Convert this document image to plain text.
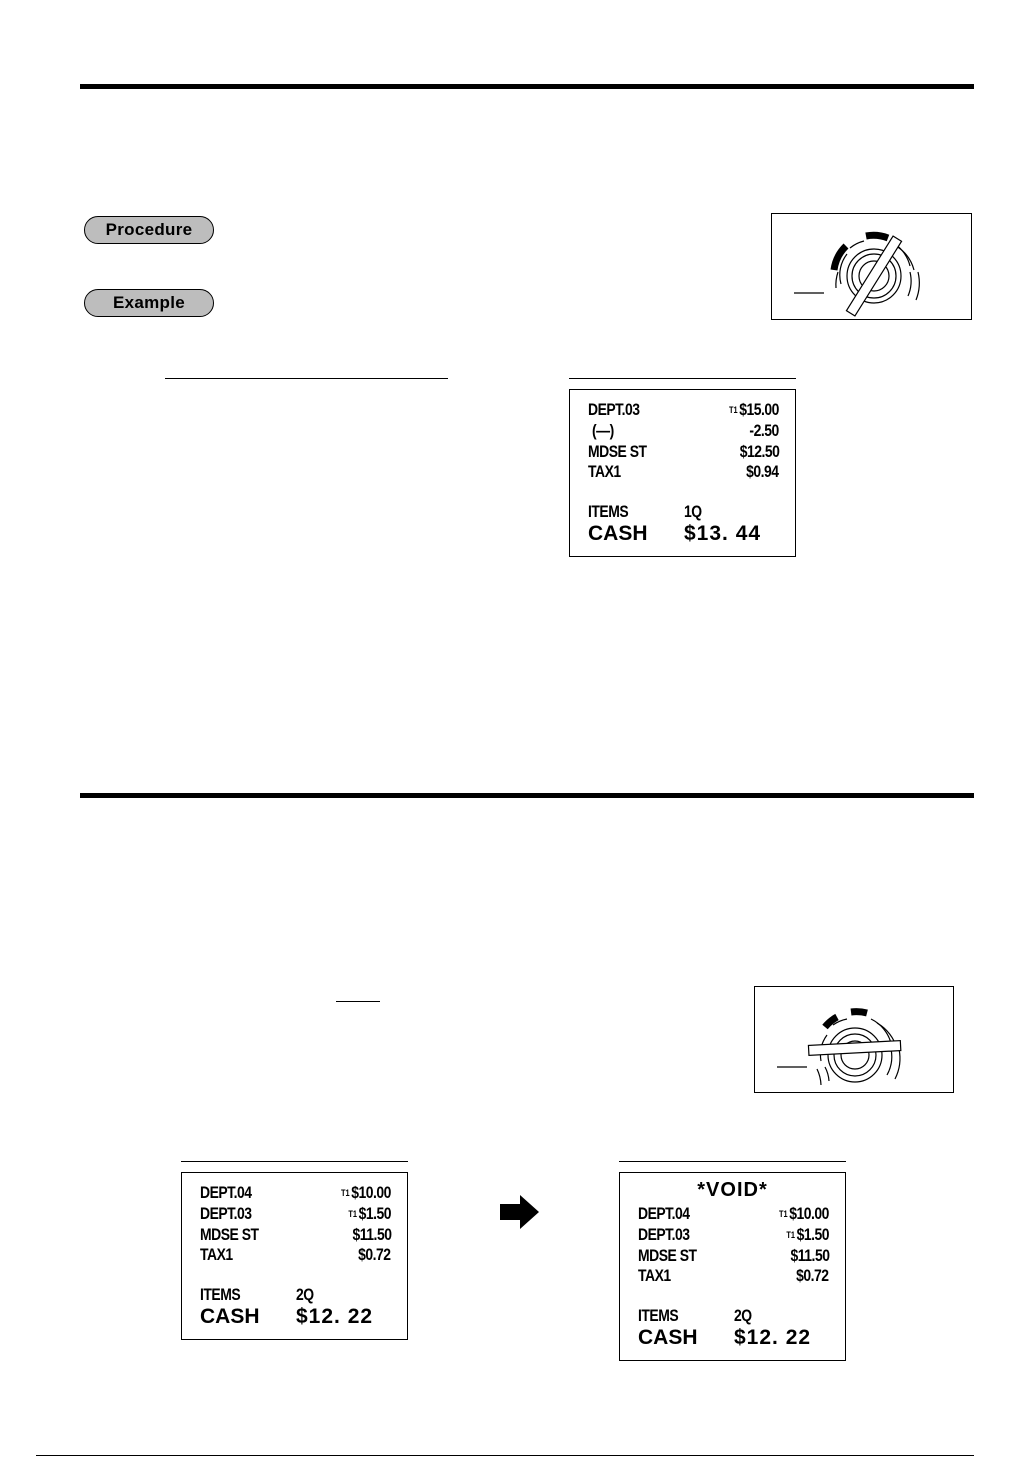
Procedure
Example
DEPT.03	T1$15.00
(—)	-2.50
MDSE ST	$12.50
TAX1	$0.94
ITEMS	1Q
CASH $13. 44
DEPT.04	T1$10.00
DEPT.03	T1$1.50
MDSE ST	$11.50
TAX1	$0.72
ITEMS	2Q
CASH $12. 22
*VOID*
DEPT.04	T1$10.00
DEPT.03	T1$1.50
MDSE ST	$11.50
TAX1	$0.72
ITEMS	2Q
CASH $12. 22
